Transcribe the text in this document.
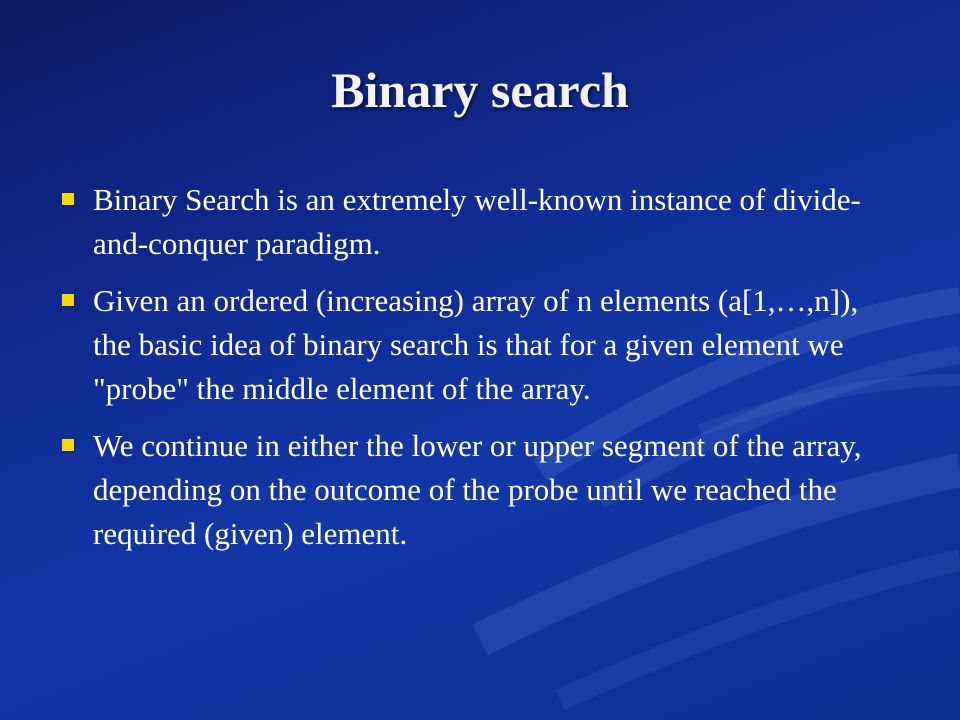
Binary search
Binary Search is an extremely well-known instance of divide-and-conquer paradigm.
Given an ordered (increasing) array of n elements (a[1,…,n]), the basic idea of binary search is that for a given element we "probe" the middle element of the array.
We continue in either the lower or upper segment of the array, depending on the outcome of the probe until we reached the required (given) element.
